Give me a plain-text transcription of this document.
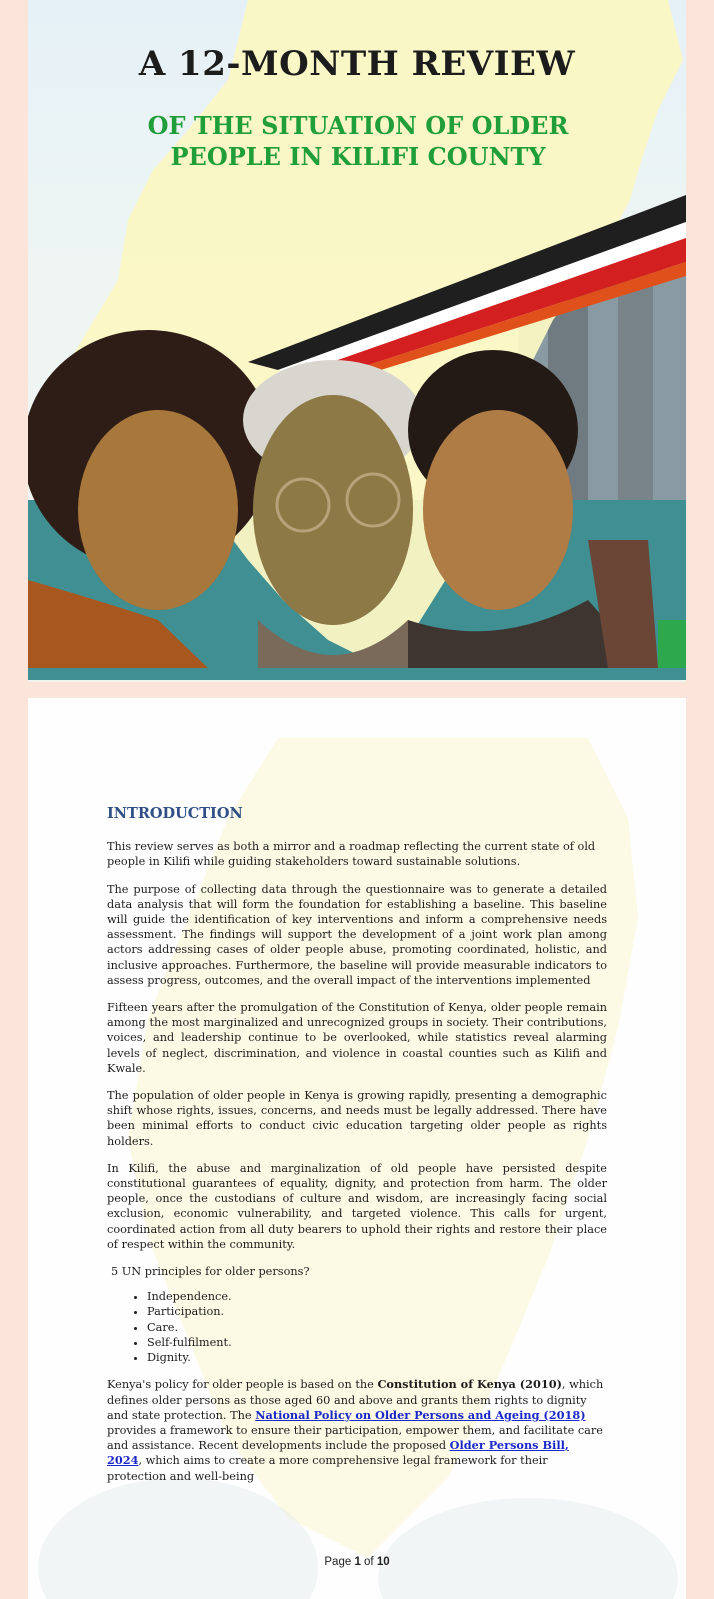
A 12-MONTH REVIEW
OF THE SITUATION OF OLDER PEOPLE IN KILIFI COUNTY
INTRODUCTION

This review serves as both a mirror and a roadmap reflecting the current state of old people in Kilifi while guiding stakeholders toward sustainable solutions.

The purpose of collecting data through the questionnaire was to generate a detailed data analysis that will form the foundation for establishing a baseline. This baseline will guide the identification of key interventions and inform a comprehensive needs assessment. The findings will support the development of a joint work plan among actors addressing cases of older people abuse, promoting coordinated, holistic, and inclusive approaches. Furthermore, the baseline will provide measurable indicators to assess progress, outcomes, and the overall impact of the interventions implemented

Fifteen years after the promulgation of the Constitution of Kenya, older people remain among the most marginalized and unrecognized groups in society. Their contributions, voices, and leadership continue to be overlooked, while statistics reveal alarming levels of neglect, discrimination, and violence in coastal counties such as Kilifi and Kwale.

The population of older people in Kenya is growing rapidly, presenting a demographic shift whose rights, issues, concerns, and needs must be legally addressed. There have been minimal efforts to conduct civic education targeting older people as rights holders.

In Kilifi, the abuse and marginalization of old people have persisted despite constitutional guarantees of equality, dignity, and protection from harm. The older people, once the custodians of culture and wisdom, are increasingly facing social exclusion, economic vulnerability, and targeted violence. This calls for urgent, coordinated action from all duty bearers to uphold their rights and restore their place of respect within the community.

5 UN principles for older persons?

• Independence.
• Participation.
• Care.
• Self-fulfilment.
• Dignity.

Kenya's policy for older people is based on the Constitution of Kenya (2010), which defines older persons as those aged 60 and above and grants them rights to dignity and state protection. The National Policy on Older Persons and Ageing (2018) provides a framework to ensure their participation, empower them, and facilitate care and assistance. Recent developments include the proposed Older Persons Bill, 2024, which aims to create a more comprehensive legal framework for their protection and well-being

Page 1 of 10
